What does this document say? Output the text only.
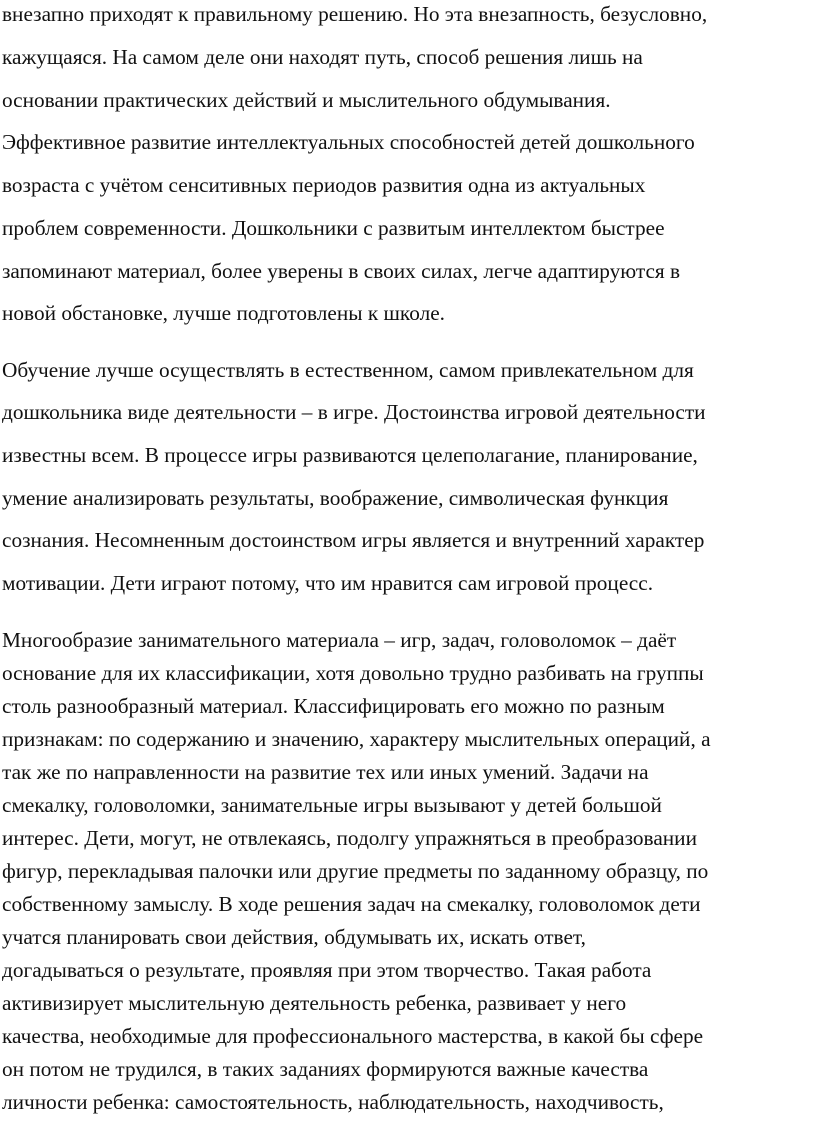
внезапно приходят к правильному решению. Но эта внезапность, безусловно,

кажущаяся. На самом деле они находят путь, способ решения лишь на

основании практических действий и мыслительного обдумывания.

Эффективное развитие интеллектуальных способностей детей дошкольного

возраста с учётом сенситивных периодов развития одна из актуальных

проблем современности. Дошкольники с развитым интеллектом быстрее

запоминают материал, более уверены в своих силах, легче адаптируются в

новой обстановке, лучше подготовлены к школе.

Обучение лучше осуществлять в естественном, самом привлекательном для

дошкольника виде деятельности – в игре. Достоинства игровой деятельности

известны всем. В процессе игры развиваются целеполагание, планирование,

умение анализировать результаты, воображение, символическая функция

сознания. Несомненным достоинством игры является и внутренний характер

мотивации. Дети играют потому, что им нравится сам игровой процесс.

Многообразие занимательного материала – игр, задач, головоломок – даёт

основание для их классификации, хотя довольно трудно разбивать на группы

столь разнообразный материал. Классифицировать его можно по разным

признакам: по содержанию и значению, характеру мыслительных операций, а

так же по направленности на развитие тех или иных умений. Задачи на

смекалку, головоломки, занимательные игры вызывают у детей большой

интерес. Дети, могут, не отвлекаясь, подолгу упражняться в преобразовании

фигур, перекладывая палочки или другие предметы по заданному образцу, по

собственному замыслу. В ходе решения задач на смекалку, головоломок дети

учатся планировать свои действия, обдумывать их, искать ответ,

догадываться о результате, проявляя при этом творчество. Такая работа

активизирует мыслительную деятельность ребенка, развивает у него

качества, необходимые для профессионального мастерства, в какой бы сфере

он потом не трудился, в таких заданиях формируются важные качества

личности ребенка: самостоятельность, наблюдательность, находчивость,
